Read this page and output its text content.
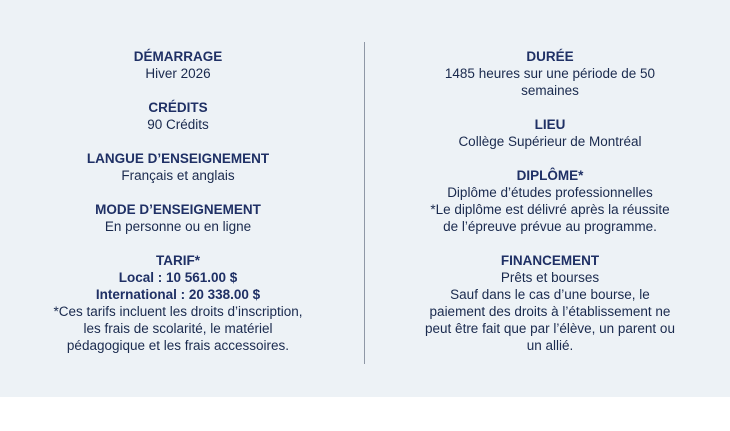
DÉMARRAGE
Hiver 2026
CRÉDITS
90 Crédits
LANGUE D’ENSEIGNEMENT
Français et anglais
MODE D’ENSEIGNEMENT
En personne ou en ligne
TARIF*
Local : 10 561.00 $
International : 20 338.00 $
*Ces tarifs incluent les droits d’inscription,
les frais de scolarité, le matériel
pédagogique et les frais accessoires.
DURÉE
1485 heures sur une période de 50
semaines
LIEU
Collège Supérieur de Montréal
DIPLÔME*
Diplôme d’études professionnelles
*Le diplôme est délivré après la réussite
de l’épreuve prévue au programme.
FINANCEMENT
Prêts et bourses
Sauf dans le cas d’une bourse, le
paiement des droits à l’établissement ne
peut être fait que par l’élève, un parent ou
un allié.
